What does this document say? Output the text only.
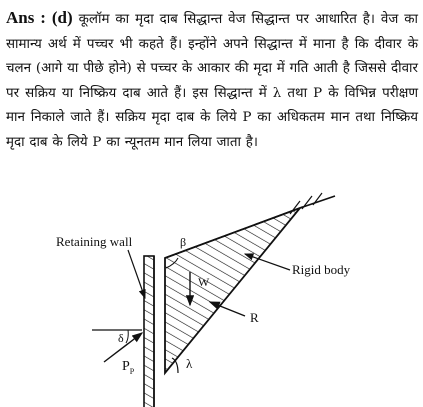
Ans : (d) कूलॉम का मृदा दाब सिद्धान्त वेज सिद्धान्त पर आधारित है। वेज का सामान्य अर्थ में पच्चर भी कहते हैं। इन्होंने अपने सिद्धान्त में माना है कि दीवार के चलन (आगे या पीछे होने) से पच्चर के आकार की मृदा में गति आती है जिससे दीवार पर सक्रिय या निष्क्रिय दाब आते हैं। इस सिद्धान्त में λ तथा P के विभिन्न परीक्षण मान निकाले जाते हैं। सक्रिय मृदा दाब के लिये P का अधिकतम मान तथा निष्क्रिय मृदा दाब के लिये P का न्यूनतम मान लिया जाता है।
β
W
R
Rigid body
Retaining wall
δ
$P_P$
λ
